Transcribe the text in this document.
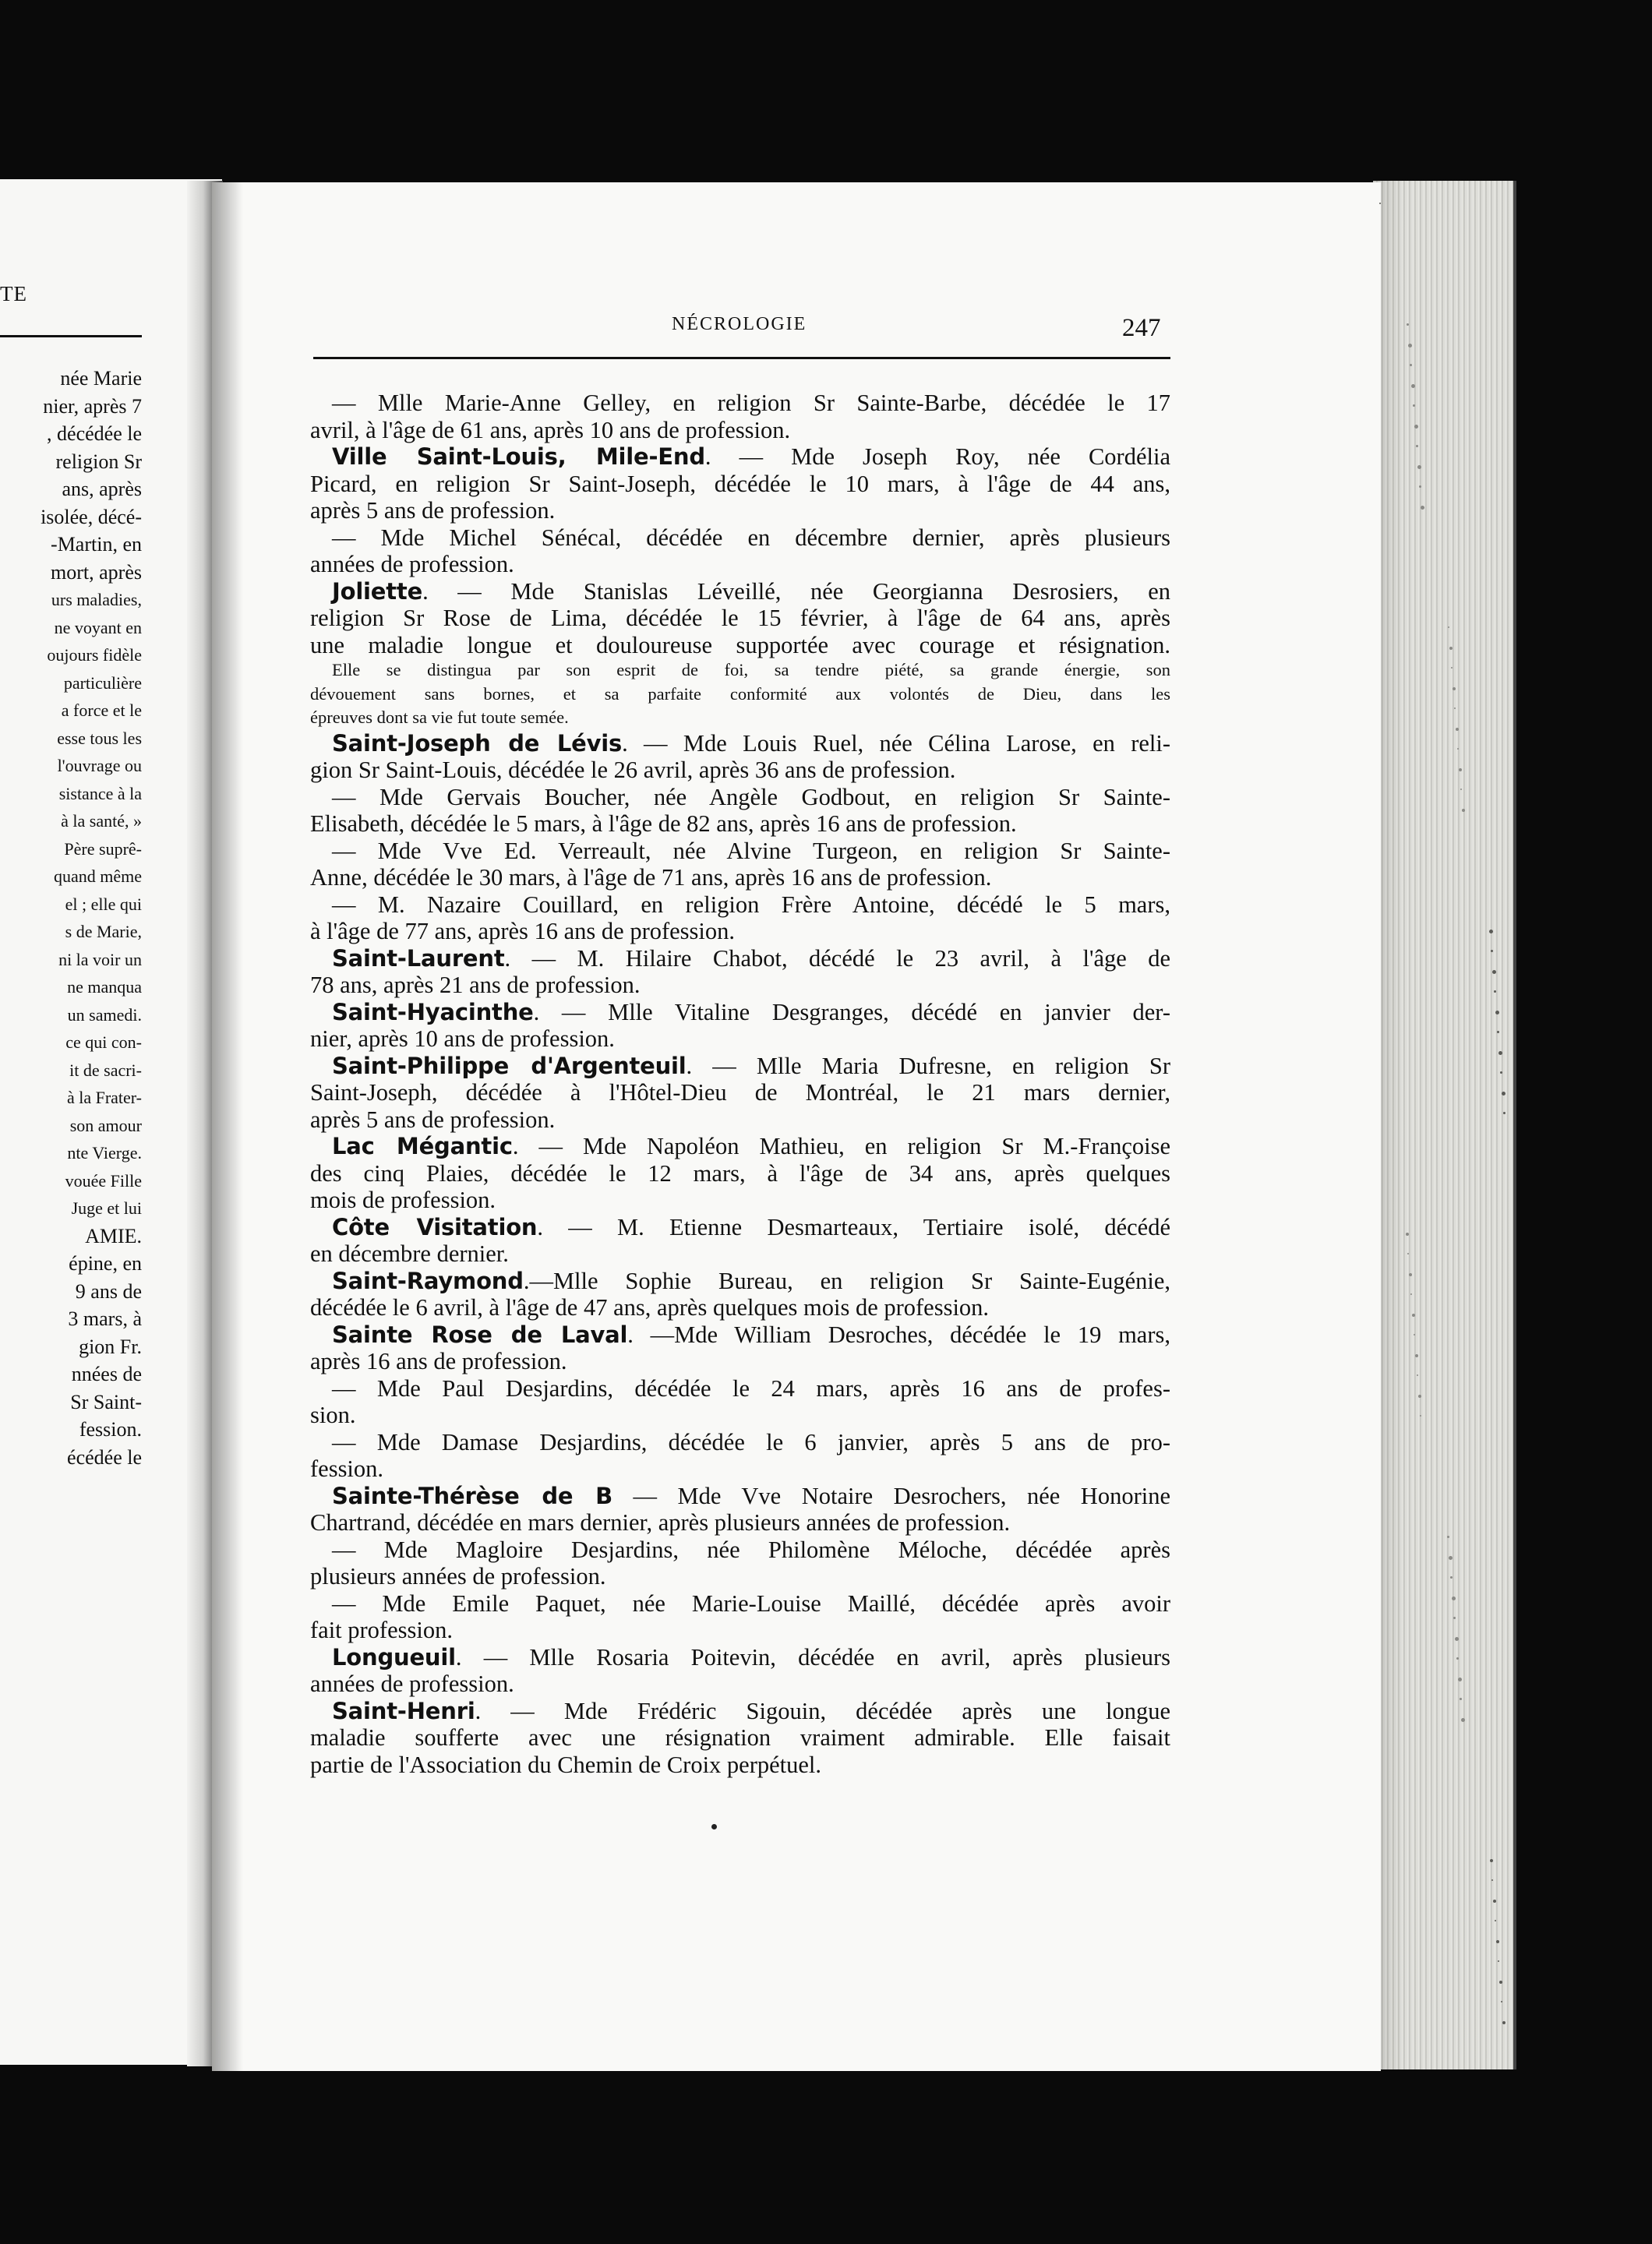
TE
née Marie
nier, après 7
, décédée le
religion Sr
ans, après
isolée, décé-
-Martin, en
mort, après
urs maladies,
ne voyant en
oujours fidèle
particulière
a force et le
esse tous les
l'ouvrage ou
sistance à la
à la santé, »
Père suprê-
quand même
el ; elle qui
s de Marie,
ni la voir un
ne manqua
un samedi.
ce qui con-
it de sacri-
à la Frater-
son amour
nte Vierge.
vouée Fille
Juge et lui
AMIE.
épine, en
9 ans de
3 mars, à
gion Fr.
nnées de
Sr Saint-
fession.
écédée le
NÉCROLOGIE	247
— Mlle Marie-Anne Gelley, en religion Sr Sainte-Barbe, décédée le 17
avril, à l'âge de 61 ans, après 10 ans de profession.
Ville Saint-Louis, Mile-End. — Mde Joseph Roy, née Cordélia
Picard, en religion Sr Saint-Joseph, décédée le 10 mars, à l'âge de 44 ans,
après 5 ans de profession.
— Mde Michel Sénécal, décédée en décembre dernier, après plusieurs
années de profession.
Joliette. — Mde Stanislas Léveillé, née Georgianna Desrosiers, en
religion Sr Rose de Lima, décédée le 15 février, à l'âge de 64 ans, après
une maladie longue et douloureuse supportée avec courage et résignation.
Elle se distingua par son esprit de foi, sa tendre piété, sa grande énergie, son
dévouement sans bornes, et sa parfaite conformité aux volontés de Dieu, dans les
épreuves dont sa vie fut toute semée.
Saint-Joseph de Lévis. — Mde Louis Ruel, née Célina Larose, en reli-
gion Sr Saint-Louis, décédée le 26 avril, après 36 ans de profession.
— Mde Gervais Boucher, née Angèle Godbout, en religion Sr Sainte-
Elisabeth, décédée le 5 mars, à l'âge de 82 ans, après 16 ans de profession.
— Mde Vve Ed. Verreault, née Alvine Turgeon, en religion Sr Sainte-
Anne, décédée le 30 mars, à l'âge de 71 ans, après 16 ans de profession.
— M. Nazaire Couillard, en religion Frère Antoine, décédé le 5 mars,
à l'âge de 77 ans, après 16 ans de profession.
Saint-Laurent. — M. Hilaire Chabot, décédé le 23 avril, à l'âge de
78 ans, après 21 ans de profession.
Saint-Hyacinthe. — Mlle Vitaline Desgranges, décédé en janvier der-
nier, après 10 ans de profession.
Saint-Philippe d'Argenteuil. — Mlle Maria Dufresne, en religion Sr
Saint-Joseph, décédée à l'Hôtel-Dieu de Montréal, le 21 mars dernier,
après 5 ans de profession.
Lac Mégantic. — Mde Napoléon Mathieu, en religion Sr M.-Françoise
des cinq Plaies, décédée le 12 mars, à l'âge de 34 ans, après quelques
mois de profession.
Côte Visitation. — M. Etienne Desmarteaux, Tertiaire isolé, décédé
en décembre dernier.
Saint-Raymond.—Mlle Sophie Bureau, en religion Sr Sainte-Eugénie,
décédée le 6 avril, à l'âge de 47 ans, après quelques mois de profession.
Sainte Rose de Laval. —Mde William Desroches, décédée le 19 mars,
après 16 ans de profession.
— Mde Paul Desjardins, décédée le 24 mars, après 16 ans de profes-
sion.
— Mde Damase Desjardins, décédée le 6 janvier, après 5 ans de pro-
fession.
Sainte-Thérèse de B — Mde Vve Notaire Desrochers, née Honorine
Chartrand, décédée en mars dernier, après plusieurs années de profession.
— Mde Magloire Desjardins, née Philomène Méloche, décédée après
plusieurs années de profession.
— Mde Emile Paquet, née Marie-Louise Maillé, décédée après avoir
fait profession.
Longueuil. — Mlle Rosaria Poitevin, décédée en avril, après plusieurs
années de profession.
Saint-Henri. — Mde Frédéric Sigouin, décédée après une longue
maladie soufferte avec une résignation vraiment admirable. Elle faisait
partie de l'Association du Chemin de Croix perpétuel.
